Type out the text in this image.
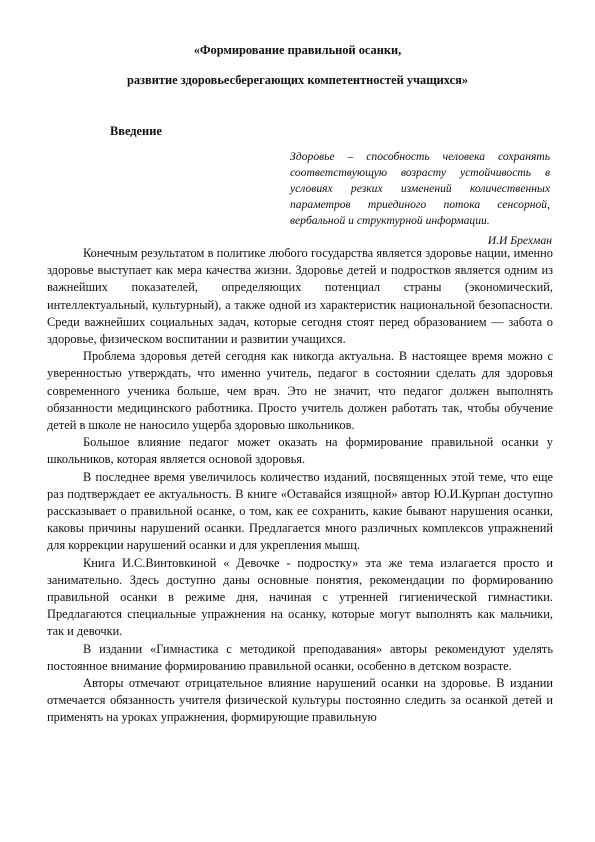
«Формирование правильной осанки,
развитие здоровьесберегающих компетентностей учащихся»
Введение
Здоровье – способность человека сохранять соответствующую возрасту устойчивость в условиях резких изменений количественных параметров триединого потока сенсорной, вербальной и структурной информации.
И.И Брехман

Конечным результатом в политике любого государства является здоровье нации, именно здоровье выступает как мера качества жизни. Здоровье детей и подростков является одним из важнейших показателей, определяющих потенциал страны (экономический, интеллектуальный, культурный), а также одной из характеристик национальной безопасности. Среди важнейших социальных задач, которые сегодня стоят перед образованием — забота о здоровье, физическом воспитании и развитии учащихся.

Проблема здоровья детей сегодня как никогда актуальна. В настоящее время можно с уверенностью утверждать, что именно учитель, педагог в состоянии сделать для здоровья современного ученика больше, чем врач. Это не значит, что педагог должен выполнять обязанности медицинского работника. Просто учитель должен работать так, чтобы обучение детей в школе не наносило ущерба здоровью школьников.

Большое влияние педагог может оказать на формирование правильной осанки у школьников, которая является основой здоровья.

В последнее время увеличилось количество изданий, посвященных этой теме, что еще раз подтверждает ее актуальность. В книге «Оставайся изящной» автор Ю.И.Курпан доступно рассказывает о правильной осанке, о том, как ее сохранить, какие бывают нарушения осанки, каковы причины нарушений осанки. Предлагается много различных комплексов упражнений для коррекции нарушений осанки и для укрепления мышц.

Книга И.С.Винтовкиной « Девочке - подростку» эта же тема излагается просто и занимательно. Здесь доступно даны основные понятия, рекомендации по формированию правильной осанки в режиме дня, начиная с утренней гигиенической гимнастики. Предлагаются специальные упражнения на осанку, которые могут выполнять как мальчики, так и девочки.

В издании «Гимнастика с методикой преподавания» авторы рекомендуют уделять постоянное внимание формированию правильной осанки, особенно в детском возрасте.

Авторы отмечают отрицательное влияние нарушений осанки на здоровье. В издании отмечается обязанность учителя физической культуры постоянно следить за осанкой детей и применять на уроках упражнения, формирующие правильную
